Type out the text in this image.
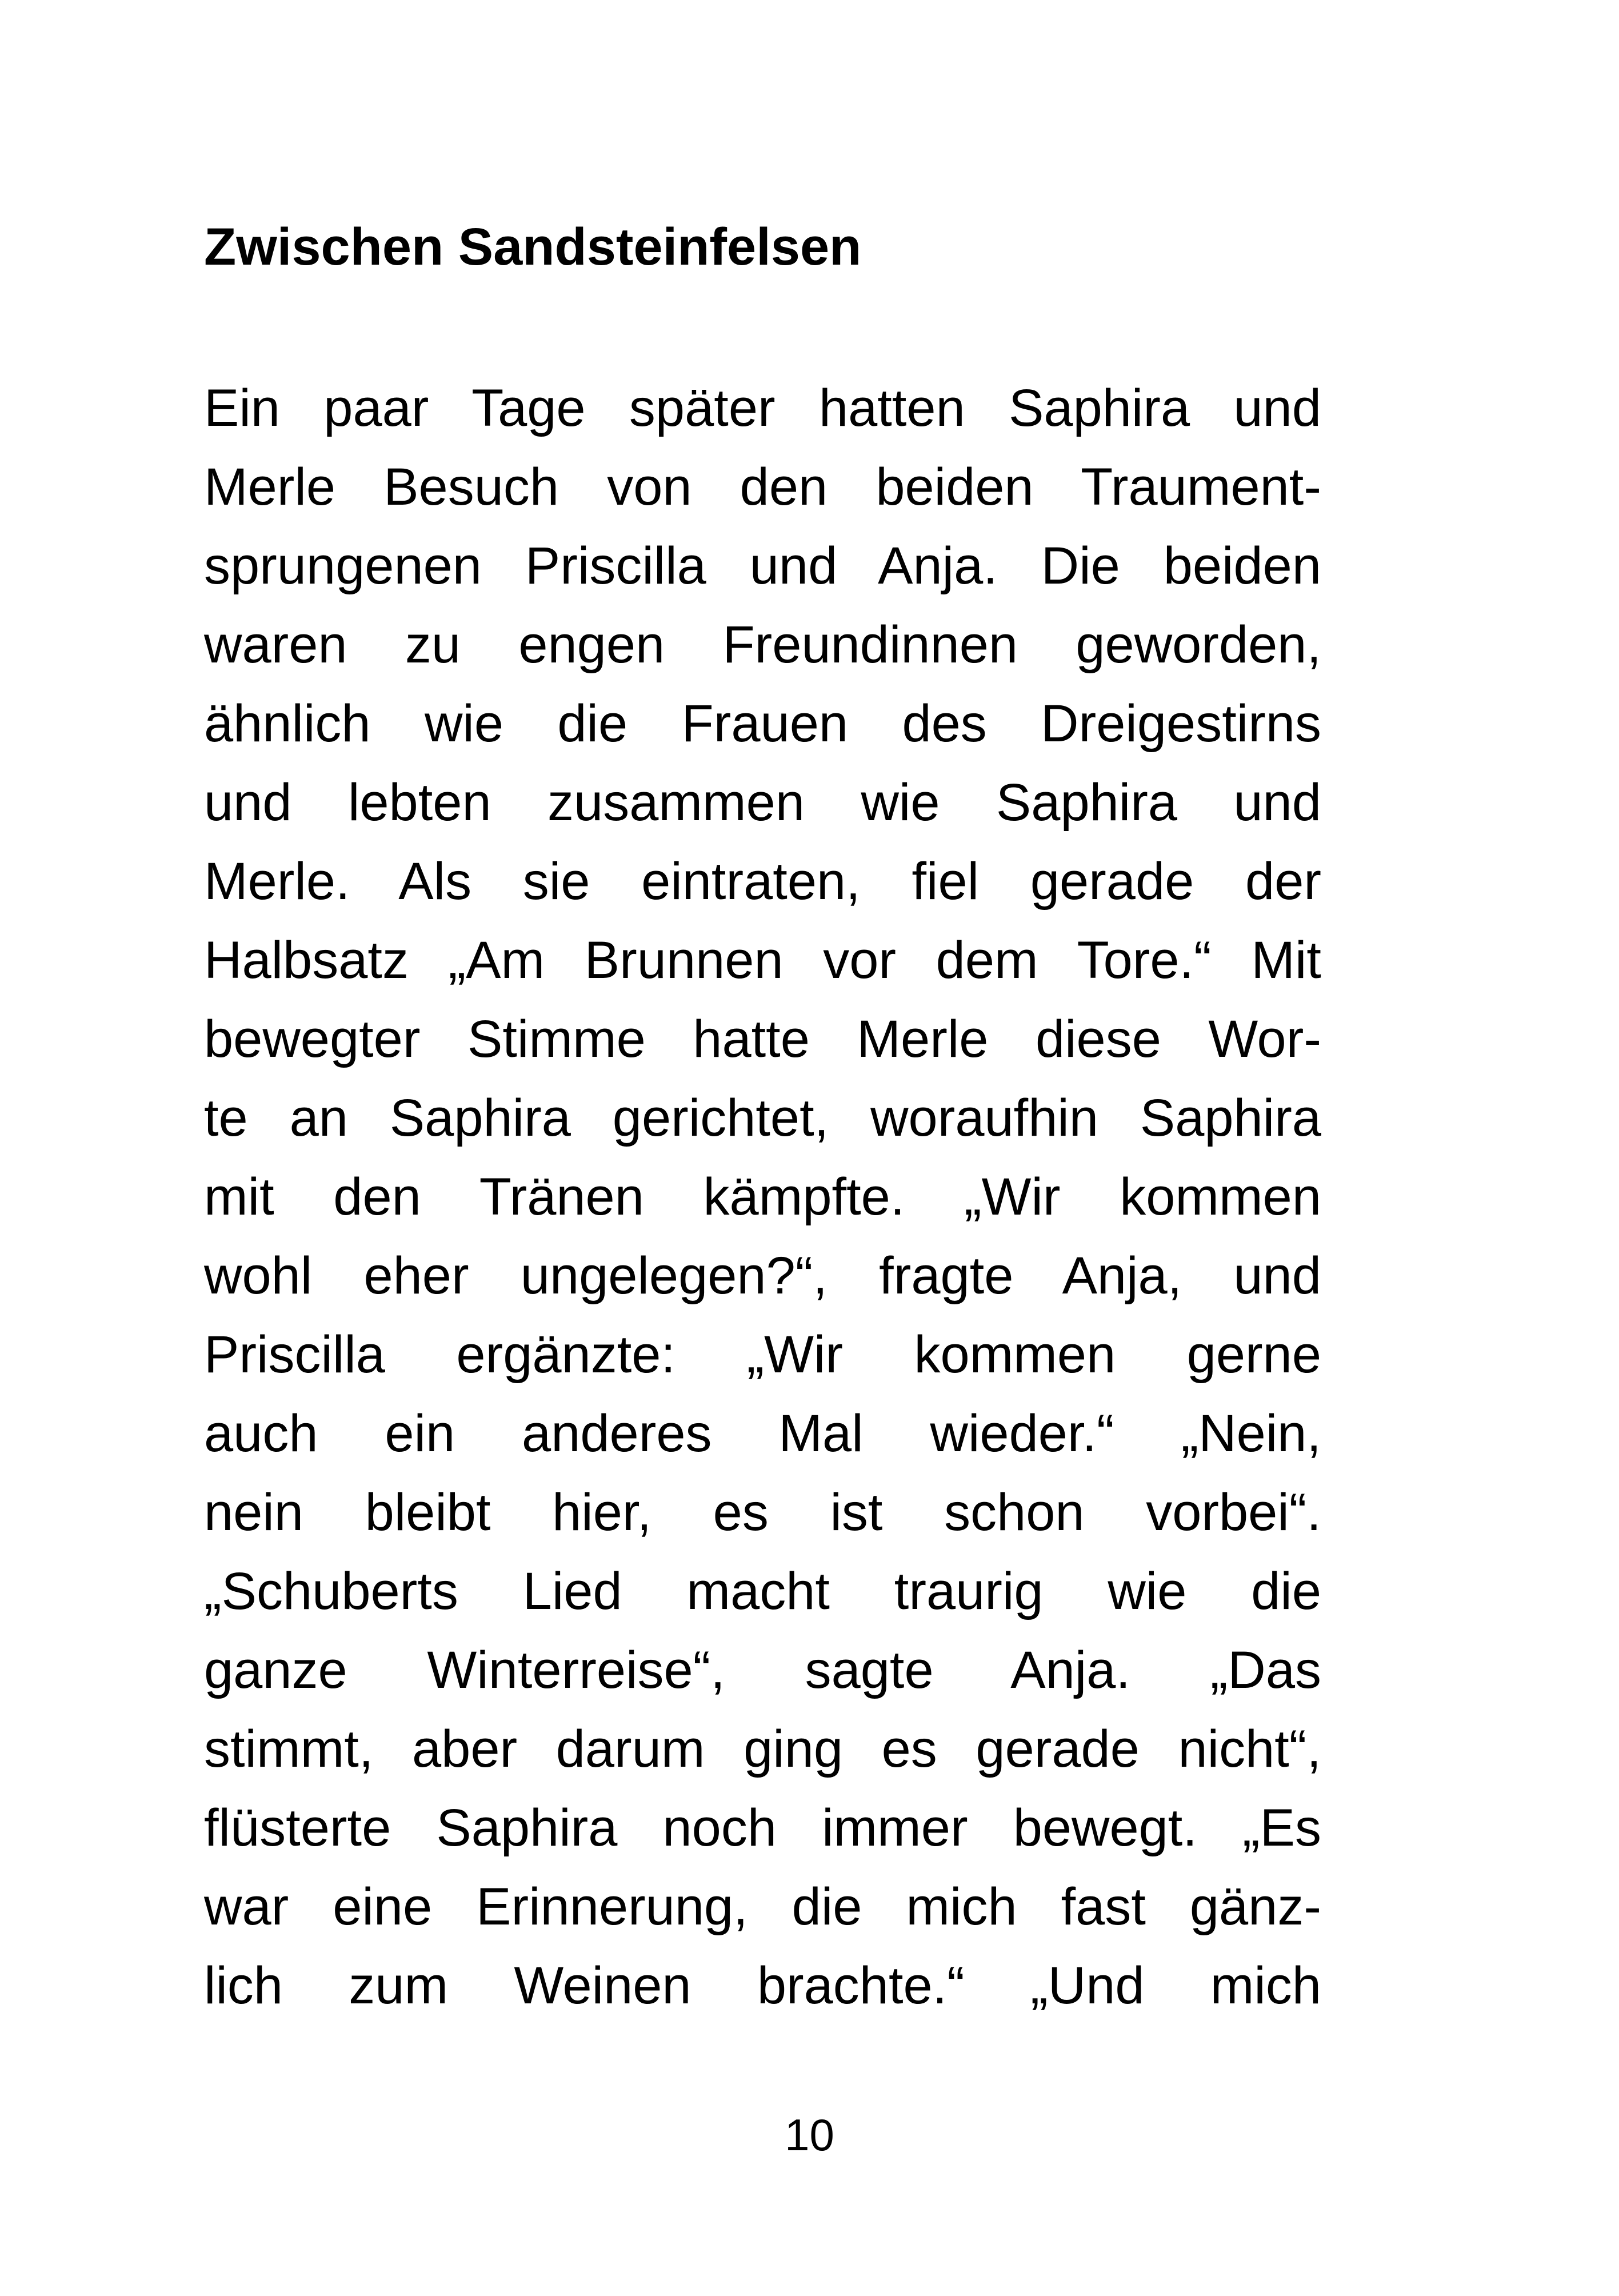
Zwischen Sandsteinfelsen
Ein paar Tage später hatten Saphira und
Merle Besuch von den beiden Traument-
sprungenen Priscilla und Anja. Die beiden
waren zu engen Freundinnen geworden,
ähnlich wie die Frauen des Dreigestirns
und lebten zusammen wie Saphira und
Merle. Als sie eintraten, fiel gerade der
Halbsatz „Am Brunnen vor dem Tore.“ Mit
bewegter Stimme hatte Merle diese Wor-
te an Saphira gerichtet, woraufhin Saphira
mit den Tränen kämpfte. „Wir kommen
wohl eher ungelegen?“, fragte Anja, und
Priscilla ergänzte: „Wir kommen gerne
auch ein anderes Mal wieder.“ „Nein,
nein bleibt hier, es ist schon vorbei“.
„Schuberts Lied macht traurig wie die
ganze Winterreise“, sagte Anja. „Das
stimmt, aber darum ging es gerade nicht“,
flüsterte Saphira noch immer bewegt. „Es
war eine Erinnerung, die mich fast gänz-
lich zum Weinen brachte.“ „Und mich
10
